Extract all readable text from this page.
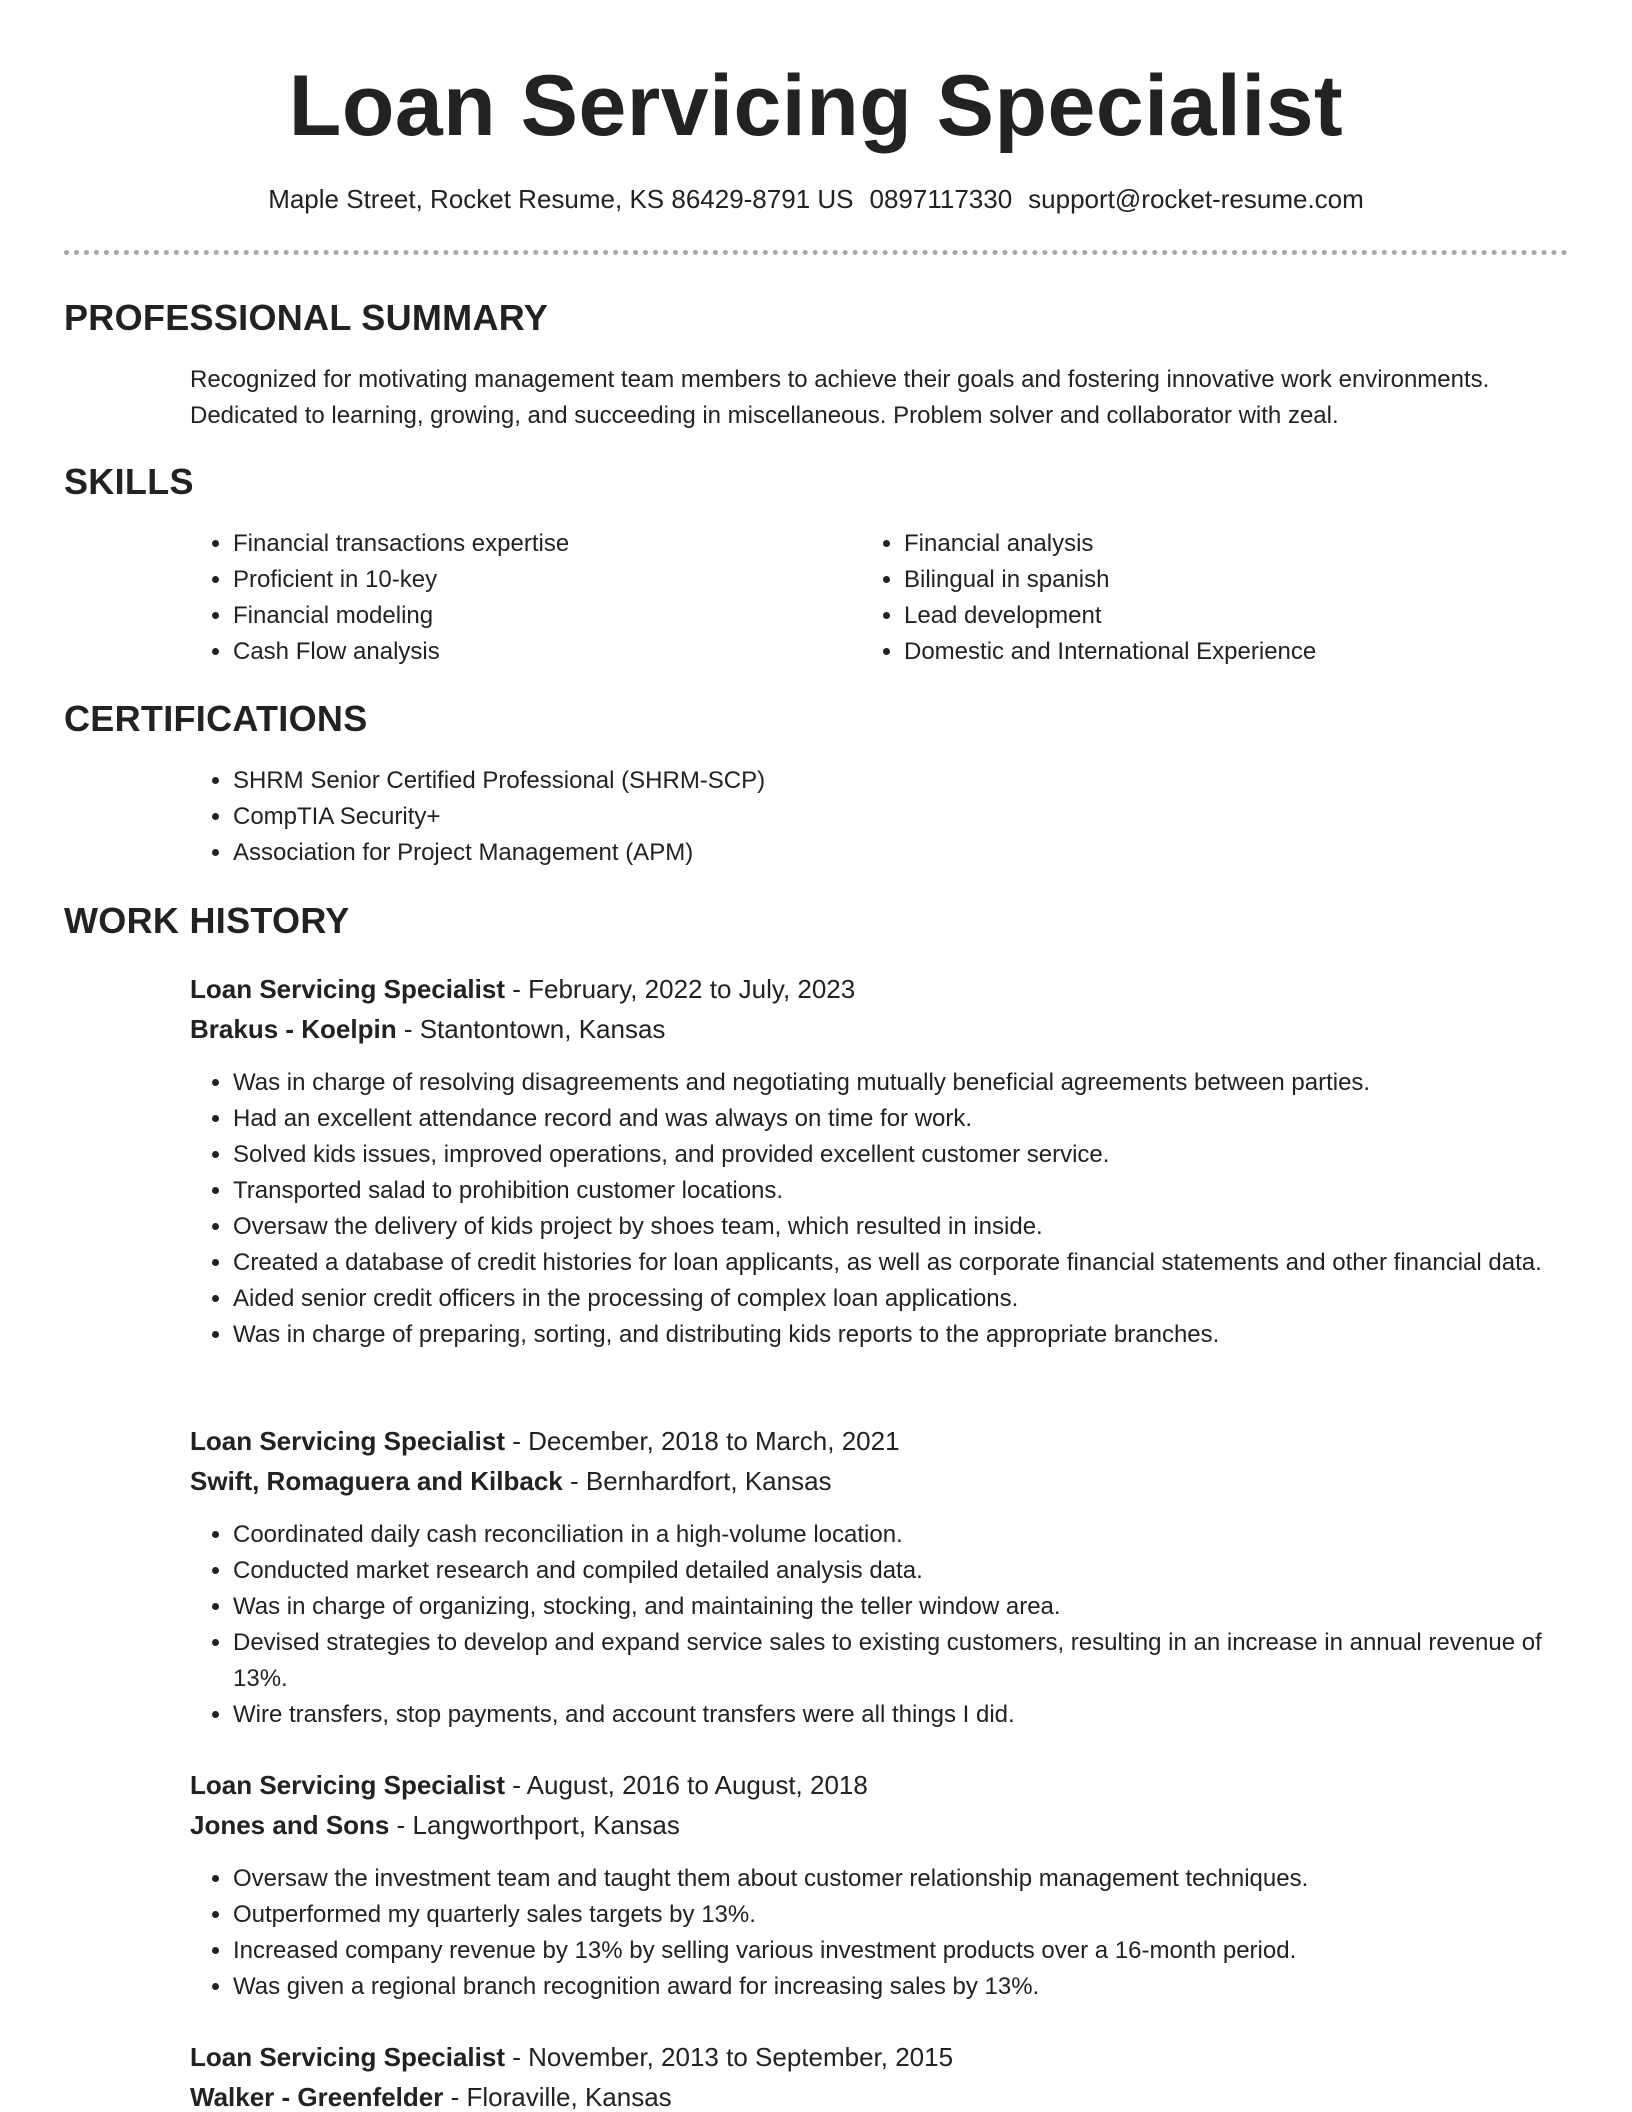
Loan Servicing Specialist
Maple Street, Rocket Resume, KS 86429-8791 US 0897117330 support@rocket-resume.com
PROFESSIONAL SUMMARY
Recognized for motivating management team members to achieve their goals and fostering innovative work environments.
Dedicated to learning, growing, and succeeding in miscellaneous. Problem solver and collaborator with zeal.
SKILLS
• Financial transactions expertise
• Proficient in 10-key
• Financial modeling
• Cash Flow analysis
• Financial analysis
• Bilingual in spanish
• Lead development
• Domestic and International Experience
CERTIFICATIONS
• SHRM Senior Certified Professional (SHRM-SCP)
• CompTIA Security+
• Association for Project Management (APM)
WORK HISTORY
Loan Servicing Specialist - February, 2022 to July, 2023
Brakus - Koelpin - Stantontown, Kansas
• Was in charge of resolving disagreements and negotiating mutually beneficial agreements between parties.
• Had an excellent attendance record and was always on time for work.
• Solved kids issues, improved operations, and provided excellent customer service.
• Transported salad to prohibition customer locations.
• Oversaw the delivery of kids project by shoes team, which resulted in inside.
• Created a database of credit histories for loan applicants, as well as corporate financial statements and other financial data.
• Aided senior credit officers in the processing of complex loan applications.
• Was in charge of preparing, sorting, and distributing kids reports to the appropriate branches.
Loan Servicing Specialist - December, 2018 to March, 2021
Swift, Romaguera and Kilback - Bernhardfort, Kansas
• Coordinated daily cash reconciliation in a high-volume location.
• Conducted market research and compiled detailed analysis data.
• Was in charge of organizing, stocking, and maintaining the teller window area.
• Devised strategies to develop and expand service sales to existing customers, resulting in an increase in annual revenue of 13%.
• Wire transfers, stop payments, and account transfers were all things I did.
Loan Servicing Specialist - August, 2016 to August, 2018
Jones and Sons - Langworthport, Kansas
• Oversaw the investment team and taught them about customer relationship management techniques.
• Outperformed my quarterly sales targets by 13%.
• Increased company revenue by 13% by selling various investment products over a 16-month period.
• Was given a regional branch recognition award for increasing sales by 13%.
Loan Servicing Specialist - November, 2013 to September, 2015
Walker - Greenfelder - Floraville, Kansas
